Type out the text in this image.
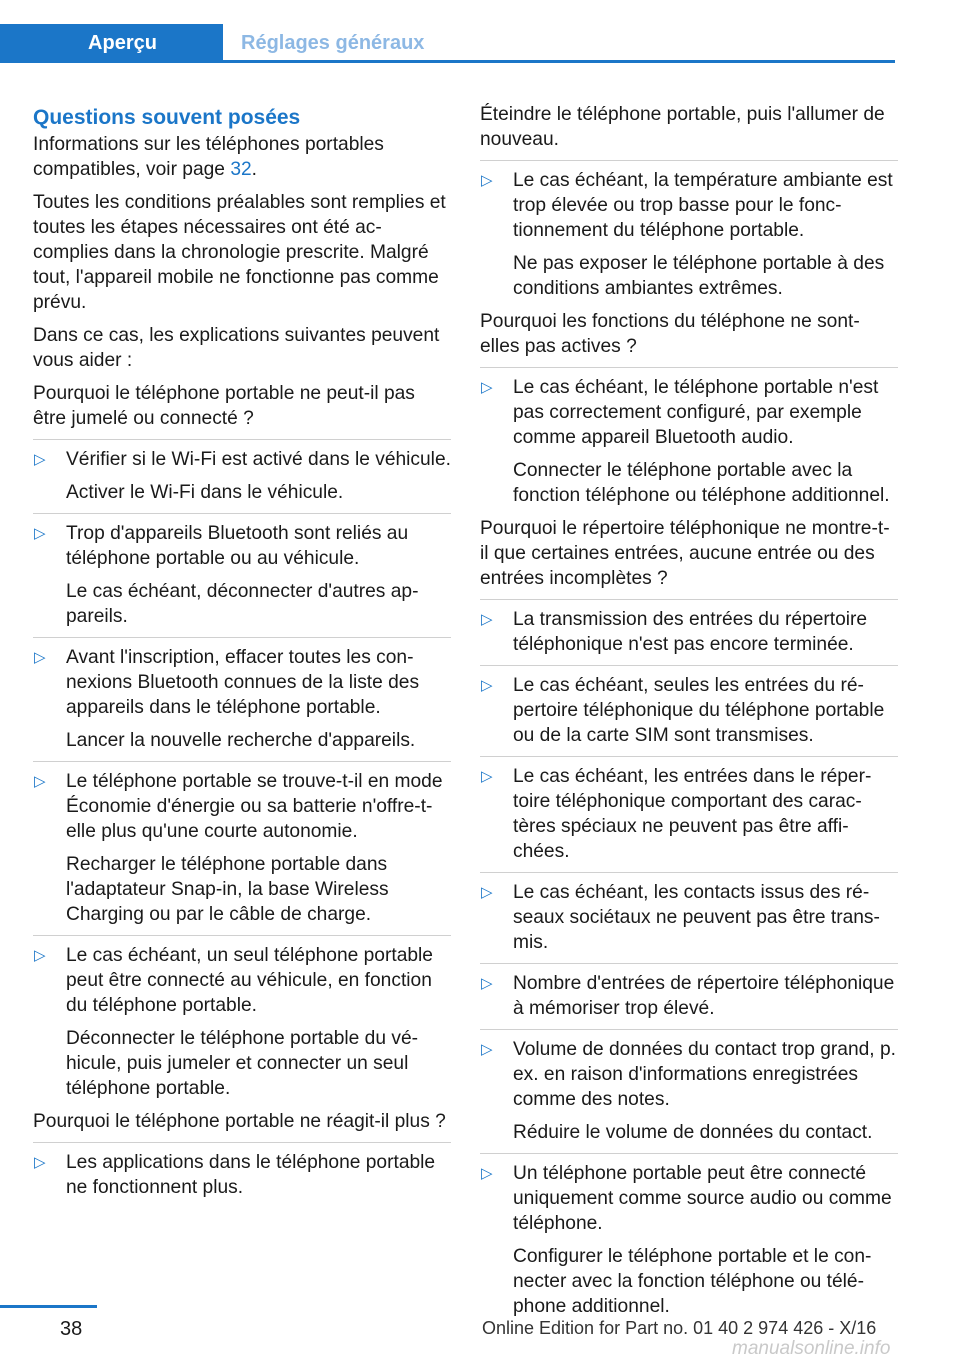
Aperçu	Réglages généraux
Questions souvent posées

Informations sur les téléphones portables compatibles, voir page 32.

Toutes les conditions préalables sont remplies et toutes les étapes nécessaires ont été accomplies dans la chronologie prescrite. Malgré tout, l'appareil mobile ne fonctionne pas comme prévu.

Dans ce cas, les explications suivantes peuvent vous aider :

Pourquoi le téléphone portable ne peut-il pas être jumelé ou connecté ?

▷ Vérifier si le Wi-Fi est activé dans le véhicule.
Activer le Wi-Fi dans le véhicule.
▷ Trop d'appareils Bluetooth sont reliés au téléphone portable ou au véhicule.
Le cas échéant, déconnecter d'autres appareils.
▷ Avant l'inscription, effacer toutes les connexions Bluetooth connues de la liste des appareils dans le téléphone portable.
Lancer la nouvelle recherche d'appareils.
▷ Le téléphone portable se trouve-t-il en mode Économie d'énergie ou sa batterie n'offre-t-elle plus qu'une courte autonomie.
Recharger le téléphone portable dans l'adaptateur Snap-in, la base Wireless Charging ou par le câble de charge.
▷ Le cas échéant, un seul téléphone portable peut être connecté au véhicule, en fonction du téléphone portable.
Déconnecter le téléphone portable du véhicule, puis jumeler et connecter un seul téléphone portable.

Pourquoi le téléphone portable ne réagit-il plus ?

▷ Les applications dans le téléphone portable ne fonctionnent plus.

Éteindre le téléphone portable, puis l'allumer de nouveau.

▷ Le cas échéant, la température ambiante est trop élevée ou trop basse pour le fonctionnement du téléphone portable.
Ne pas exposer le téléphone portable à des conditions ambiantes extrêmes.

Pourquoi les fonctions du téléphone ne sont-elles pas actives ?

▷ Le cas échéant, le téléphone portable n'est pas correctement configuré, par exemple comme appareil Bluetooth audio.
Connecter le téléphone portable avec la fonction téléphone ou téléphone additionnel.

Pourquoi le répertoire téléphonique ne montre-t-il que certaines entrées, aucune entrée ou des entrées incomplètes ?

▷ La transmission des entrées du répertoire téléphonique n'est pas encore terminée.
▷ Le cas échéant, seules les entrées du répertoire téléphonique du téléphone portable ou de la carte SIM sont transmises.
▷ Le cas échéant, les entrées dans le répertoire téléphonique comportant des caractères spéciaux ne peuvent pas être affichées.
▷ Le cas échéant, les contacts issus des réseaux sociétaux ne peuvent pas être transmis.
▷ Nombre d'entrées de répertoire téléphonique à mémoriser trop élevé.
▷ Volume de données du contact trop grand, p. ex. en raison d'informations enregistrées comme des notes.
Réduire le volume de données du contact.
▷ Un téléphone portable peut être connecté uniquement comme source audio ou comme téléphone.
Configurer le téléphone portable et le connecter avec la fonction téléphone ou téléphone additionnel.
38	Online Edition for Part no. 01 40 2 974 426 - X/16
manualsonline.info
